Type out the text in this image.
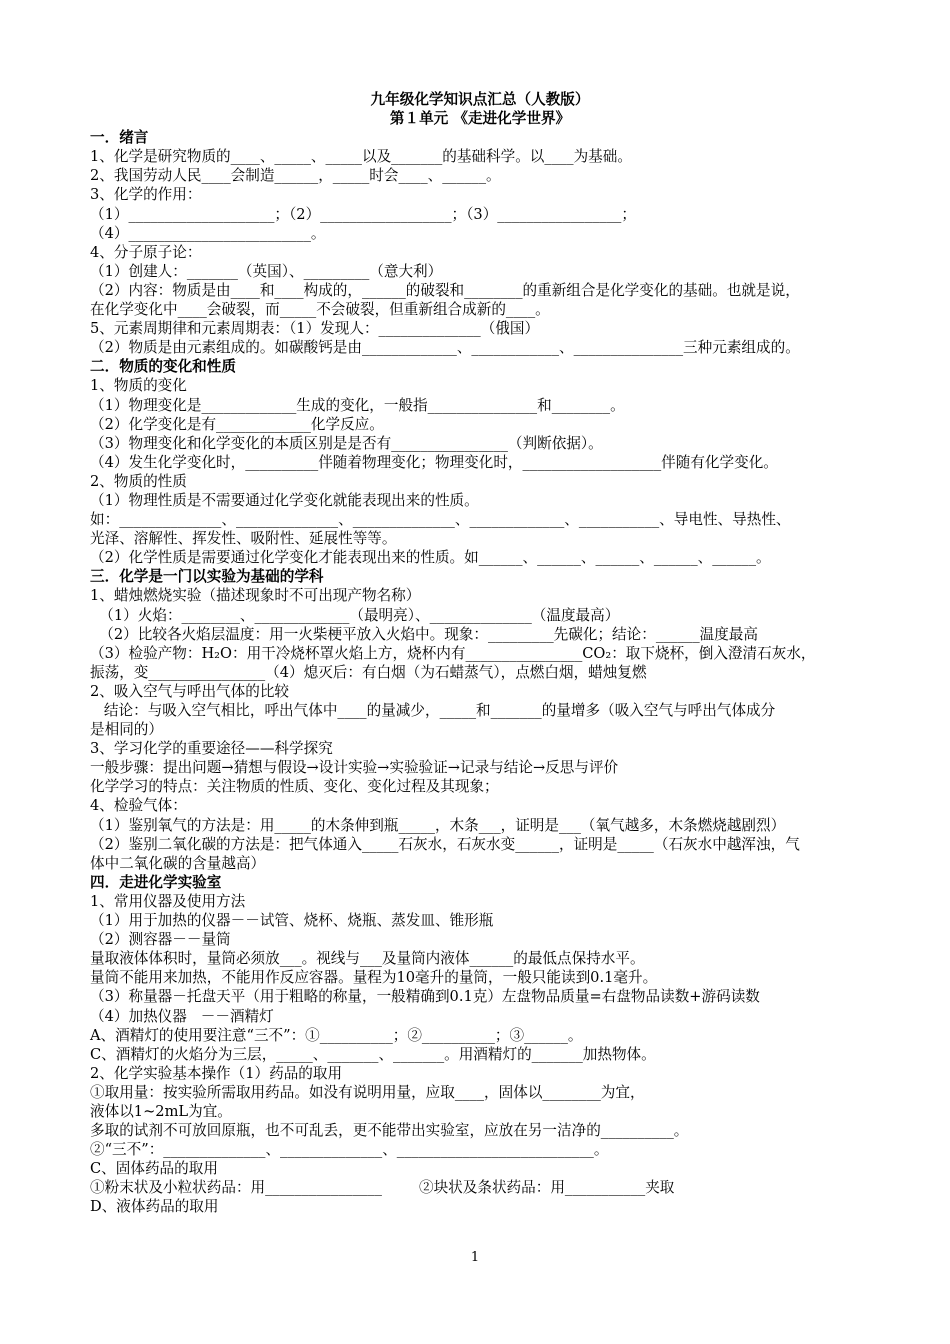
九年级化学知识点汇总（人教版）
第１单元 《走进化学世界》
一．绪言
1、化学是研究物质的____、_____、_____以及_______的基础科学。以____为基础。
2、我国劳动人民____会制造______，_____时会____、______。
3、化学的作用：
（1）____________________；（2）__________________；（3）_________________；
（4）_________________________。
4、分子原子论：
（1）创建人：_______（英国）、_________（意大利）
（2）内容：物质是由____和____构成的，______的破裂和________的重新组合是化学变化的基础。也就是说，
在化学变化中____会破裂，而_____不会破裂，但重新组合成新的____。
5、元素周期律和元素周期表：（1）发现人：______________（俄国）
（2）物质是由元素组成的。如碳酸钙是由_____________、____________、_______________三种元素组成的。
二．物质的变化和性质
1、物质的变化
（1）物理变化是_____________生成的变化，一般指_______________和________。
（2）化学变化是有_____________化学反应。
（3）物理变化和化学变化的本质区别是是否有________________（判断依据）。
（4）发生化学变化时，__________伴随着物理变化；物理变化时，___________________伴随有化学变化。
2、物质的性质
（1）物理性质是不需要通过化学变化就能表现出来的性质。
如：______________、______________、______________、_____________、___________、导电性、导热性、
光泽、溶解性、挥发性、吸附性、延展性等等。
（2）化学性质是需要通过化学变化才能表现出来的性质。如______、______、______、______、______。
三．化学是一门以实验为基础的学科
1、蜡烛燃烧实验（描述现象时不可出现产物名称）
（1）火焰：________、_____________（最明亮）、______________（温度最高）
（2）比较各火焰层温度：用一火柴梗平放入火焰中。现象：_________先碳化；结论：______温度最高
（3）检验产物：H₂O：用干冷烧杯罩火焰上方，烧杯内有________________CO₂：取下烧杯，倒入澄清石灰水，
振荡，变________________（4）熄灭后：有白烟（为石蜡蒸气），点燃白烟，蜡烛复燃
2、吸入空气与呼出气体的比较
结论：与吸入空气相比，呼出气体中____的量减少，_____和_______的量增多（吸入空气与呼出气体成分
是相同的）
3、学习化学的重要途径——科学探究
一般步骤：提出问题→猜想与假设→设计实验→实验验证→记录与结论→反思与评价
化学学习的特点：关注物质的性质、变化、变化过程及其现象；
4、检验气体：
（1）鉴别氧气的方法是：用_____的木条伸到瓶_____，木条___，证明是___（氧气越多，木条燃烧越剧烈）
（2）鉴别二氧化碳的方法是：把气体通入_____石灰水，石灰水变______，证明是_____（石灰水中越浑浊，气
体中二氧化碳的含量越高）
四．走进化学实验室
1、常用仪器及使用方法
（1）用于加热的仪器－－试管、烧杯、烧瓶、蒸发皿、锥形瓶
（2）测容器－－量筒
量取液体体积时，量筒必须放___。视线与___及量筒内液体______的最低点保持水平。
量筒不能用来加热，不能用作反应容器。量程为10毫升的量筒，一般只能读到0.1毫升。
（3）称量器－托盘天平（用于粗略的称量，一般精确到0.1克）左盘物品质量=右盘物品读数+游码读数
（4）加热仪器   －－酒精灯
A、酒精灯的使用要注意“三不”：①__________；②__________；③______。
C、酒精灯的火焰分为三层，_____、_______、_______。用酒精灯的_______加热物体。
2、化学实验基本操作（1）药品的取用
①取用量：按实验所需取用药品。如没有说明用量，应取____，固体以________为宜，
液体以1~2mL为宜。
多取的试剂不可放回原瓶，也不可乱丢，更不能带出实验室，应放在另一洁净的__________。
②“三不”：______________、______________、___________________________。
C、固体药品的取用
①粉末状及小粒状药品：用________________        ②块状及条状药品：用___________夹取
D、液体药品的取用
1
